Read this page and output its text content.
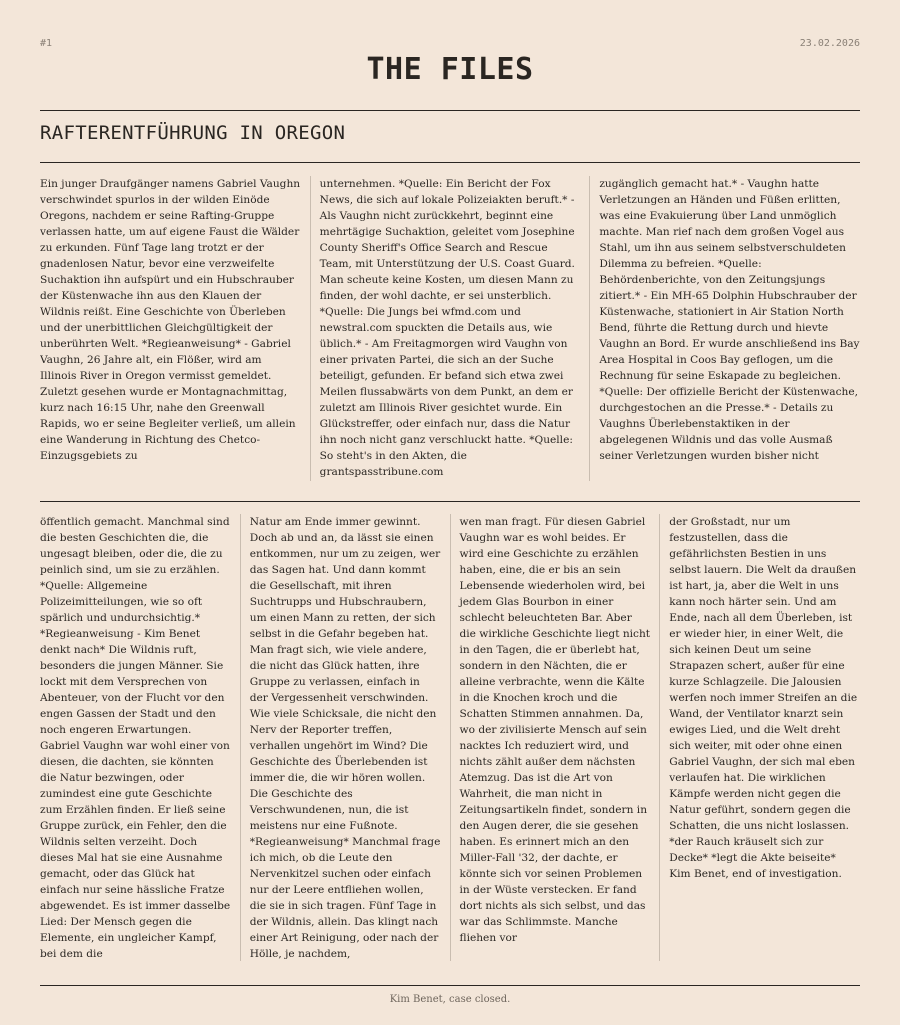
#1	23.02.2026
THE FILES
RAFTERENTFÜHRUNG IN OREGON
Ein junger Draufgänger namens Gabriel Vaughn verschwindet spurlos in der wilden Einöde Oregons, nachdem er seine Rafting-Gruppe verlassen hatte, um auf eigene Faust die Wälder zu erkunden. Fünf Tage lang trotzt er der gnadenlosen Natur, bevor eine verzweifelte Suchaktion ihn aufspürt und ein Hubschrauber der Küstenwache ihn aus den Klauen der Wildnis reißt. Eine Geschichte von Überleben und der unerbittlichen Gleichgültigkeit der unberührten Welt. *Regieanweisung* - Gabriel Vaughn, 26 Jahre alt, ein Flößer, wird am Illinois River in Oregon vermisst gemeldet. Zuletzt gesehen wurde er Montagnachmittag, kurz nach 16:15 Uhr, nahe den Greenwall Rapids, wo er seine Begleiter verließ, um allein eine Wanderung in Richtung des Chetco-Einzugsgebiets zu
unternehmen. *Quelle: Ein Bericht der Fox News, die sich auf lokale Polizeiakten beruft.* - Als Vaughn nicht zurückkehrt, beginnt eine mehrtägige Suchaktion, geleitet vom Josephine County Sheriff's Office Search and Rescue Team, mit Unterstützung der U.S. Coast Guard. Man scheute keine Kosten, um diesen Mann zu finden, der wohl dachte, er sei unsterblich. *Quelle: Die Jungs bei wfmd.com und newstral.com spuckten die Details aus, wie üblich.* - Am Freitagmorgen wird Vaughn von einer privaten Partei, die sich an der Suche beteiligt, gefunden. Er befand sich etwa zwei Meilen flussabwärts von dem Punkt, an dem er zuletzt am Illinois River gesichtet wurde. Ein Glückstreffer, oder einfach nur, dass die Natur ihn noch nicht ganz verschluckt hatte. *Quelle: So steht's in den Akten, die grantspasstribune.com
zugänglich gemacht hat.* - Vaughn hatte Verletzungen an Händen und Füßen erlitten, was eine Evakuierung über Land unmöglich machte. Man rief nach dem großen Vogel aus Stahl, um ihn aus seinem selbstverschuldeten Dilemma zu befreien. *Quelle: Behördenberichte, von den Zeitungsjungs zitiert.* - Ein MH-65 Dolphin Hubschrauber der Küstenwache, stationiert in Air Station North Bend, führte die Rettung durch und hievte Vaughn an Bord. Er wurde anschließend ins Bay Area Hospital in Coos Bay geflogen, um die Rechnung für seine Eskapade zu begleichen. *Quelle: Der offizielle Bericht der Küstenwache, durchgestochen an die Presse.* - Details zu Vaughns Überlebenstaktiken in der abgelegenen Wildnis und das volle Ausmaß seiner Verletzungen wurden bisher nicht
öffentlich gemacht. Manchmal sind die besten Geschichten die, die ungesagt bleiben, oder die, die zu peinlich sind, um sie zu erzählen. *Quelle: Allgemeine Polizeimitteilungen, wie so oft spärlich und undurchsichtig.* *Regieanweisung - Kim Benet denkt nach* Die Wildnis ruft, besonders die jungen Männer. Sie lockt mit dem Versprechen von Abenteuer, von der Flucht vor den engen Gassen der Stadt und den noch engeren Erwartungen. Gabriel Vaughn war wohl einer von diesen, die dachten, sie könnten die Natur bezwingen, oder zumindest eine gute Geschichte zum Erzählen finden. Er ließ seine Gruppe zurück, ein Fehler, den die Wildnis selten verzeiht. Doch dieses Mal hat sie eine Ausnahme gemacht, oder das Glück hat einfach nur seine hässliche Fratze abgewendet. Es ist immer dasselbe Lied: Der Mensch gegen die Elemente, ein ungleicher Kampf, bei dem die
Natur am Ende immer gewinnt. Doch ab und an, da lässt sie einen entkommen, nur um zu zeigen, wer das Sagen hat. Und dann kommt die Gesellschaft, mit ihren Suchtrupps und Hubschraubern, um einen Mann zu retten, der sich selbst in die Gefahr begeben hat. Man fragt sich, wie viele andere, die nicht das Glück hatten, ihre Gruppe zu verlassen, einfach in der Vergessenheit verschwinden. Wie viele Schicksale, die nicht den Nerv der Reporter treffen, verhallen ungehört im Wind? Die Geschichte des Überlebenden ist immer die, die wir hören wollen. Die Geschichte des Verschwundenen, nun, die ist meistens nur eine Fußnote. *Regieanweisung* Manchmal frage ich mich, ob die Leute den Nervenkitzel suchen oder einfach nur der Leere entfliehen wollen, die sie in sich tragen. Fünf Tage in der Wildnis, allein. Das klingt nach einer Art Reinigung, oder nach der Hölle, je nachdem,
wen man fragt. Für diesen Gabriel Vaughn war es wohl beides. Er wird eine Geschichte zu erzählen haben, eine, die er bis an sein Lebensende wiederholen wird, bei jedem Glas Bourbon in einer schlecht beleuchteten Bar. Aber die wirkliche Geschichte liegt nicht in den Tagen, die er überlebt hat, sondern in den Nächten, die er alleine verbrachte, wenn die Kälte in die Knochen kroch und die Schatten Stimmen annahmen. Da, wo der zivilisierte Mensch auf sein nacktes Ich reduziert wird, und nichts zählt außer dem nächsten Atemzug. Das ist die Art von Wahrheit, die man nicht in Zeitungsartikeln findet, sondern in den Augen derer, die sie gesehen haben. Es erinnert mich an den Miller-Fall '32, der dachte, er könnte sich vor seinen Problemen in der Wüste verstecken. Er fand dort nichts als sich selbst, und das war das Schlimmste. Manche fliehen vor
der Großstadt, nur um festzustellen, dass die gefährlichsten Bestien in uns selbst lauern. Die Welt da draußen ist hart, ja, aber die Welt in uns kann noch härter sein. Und am Ende, nach all dem Überleben, ist er wieder hier, in einer Welt, die sich keinen Deut um seine Strapazen schert, außer für eine kurze Schlagzeile. Die Jalousien werfen noch immer Streifen an die Wand, der Ventilator knarzt sein ewiges Lied, und die Welt dreht sich weiter, mit oder ohne einen Gabriel Vaughn, der sich mal eben verlaufen hat. Die wirklichen Kämpfe werden nicht gegen die Natur geführt, sondern gegen die Schatten, die uns nicht loslassen. *der Rauch kräuselt sich zur Decke* *legt die Akte beiseite* Kim Benet, end of investigation.
Kim Benet, case closed.
